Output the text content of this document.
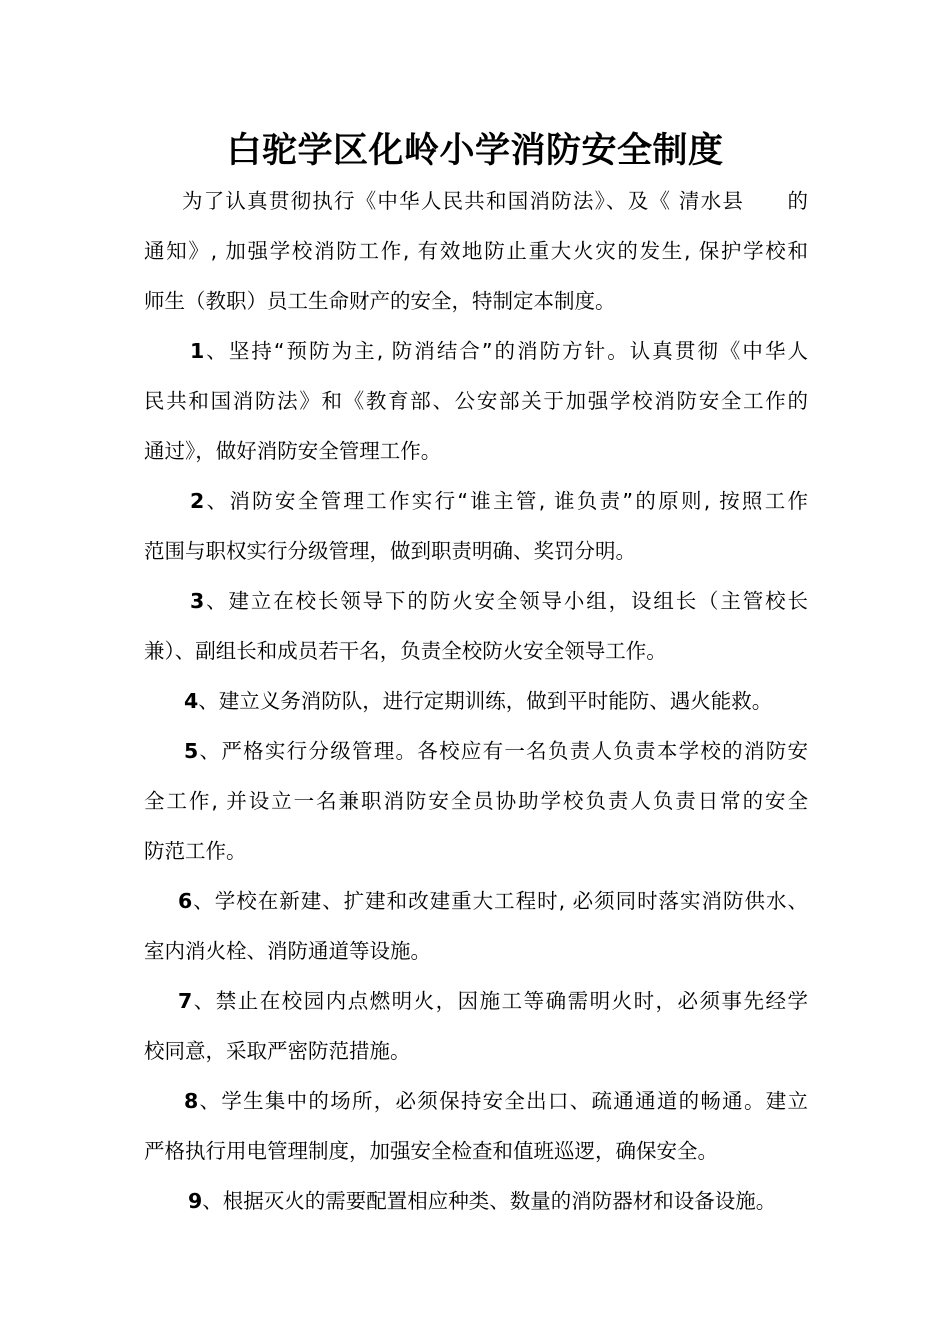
白驼学区化岭小学消防安全制度
为了认真贯彻执行《中华人民共和国消防法》、及《 清水县　　的
通知》, 加强学校消防工作, 有效地防止重大火灾的发生, 保护学校和
师生（教职）员工生命财产的安全，特制定本制度。
1、坚持“预防为主, 防消结合”的消防方针。认真贯彻《中华人
民共和国消防法》和《教育部、公安部关于加强学校消防安全工作的
通过》，做好消防安全管理工作。
2、消防安全管理工作实行“谁主管, 谁负责”的原则, 按照工作
范围与职权实行分级管理，做到职责明确、奖罚分明。
3、建立在校长领导下的防火安全领导小组，设组长（主管校长
兼）、副组长和成员若干名，负责全校防火安全领导工作。
4、建立义务消防队，进行定期训练，做到平时能防、遇火能救。
5、严格实行分级管理。各校应有一名负责人负责本学校的消防安
全工作, 并设立一名兼职消防安全员协助学校负责人负责日常的安全
防范工作。
6、学校在新建、扩建和改建重大工程时, 必须同时落实消防供水、
室内消火栓、消防通道等设施。
7、禁止在校园内点燃明火，因施工等确需明火时，必须事先经学
校同意，采取严密防范措施。
8、学生集中的场所，必须保持安全出口、疏通通道的畅通。建立
严格执行用电管理制度，加强安全检查和值班巡逻，确保安全。
9、根据灭火的需要配置相应种类、数量的消防器材和设备设施。
